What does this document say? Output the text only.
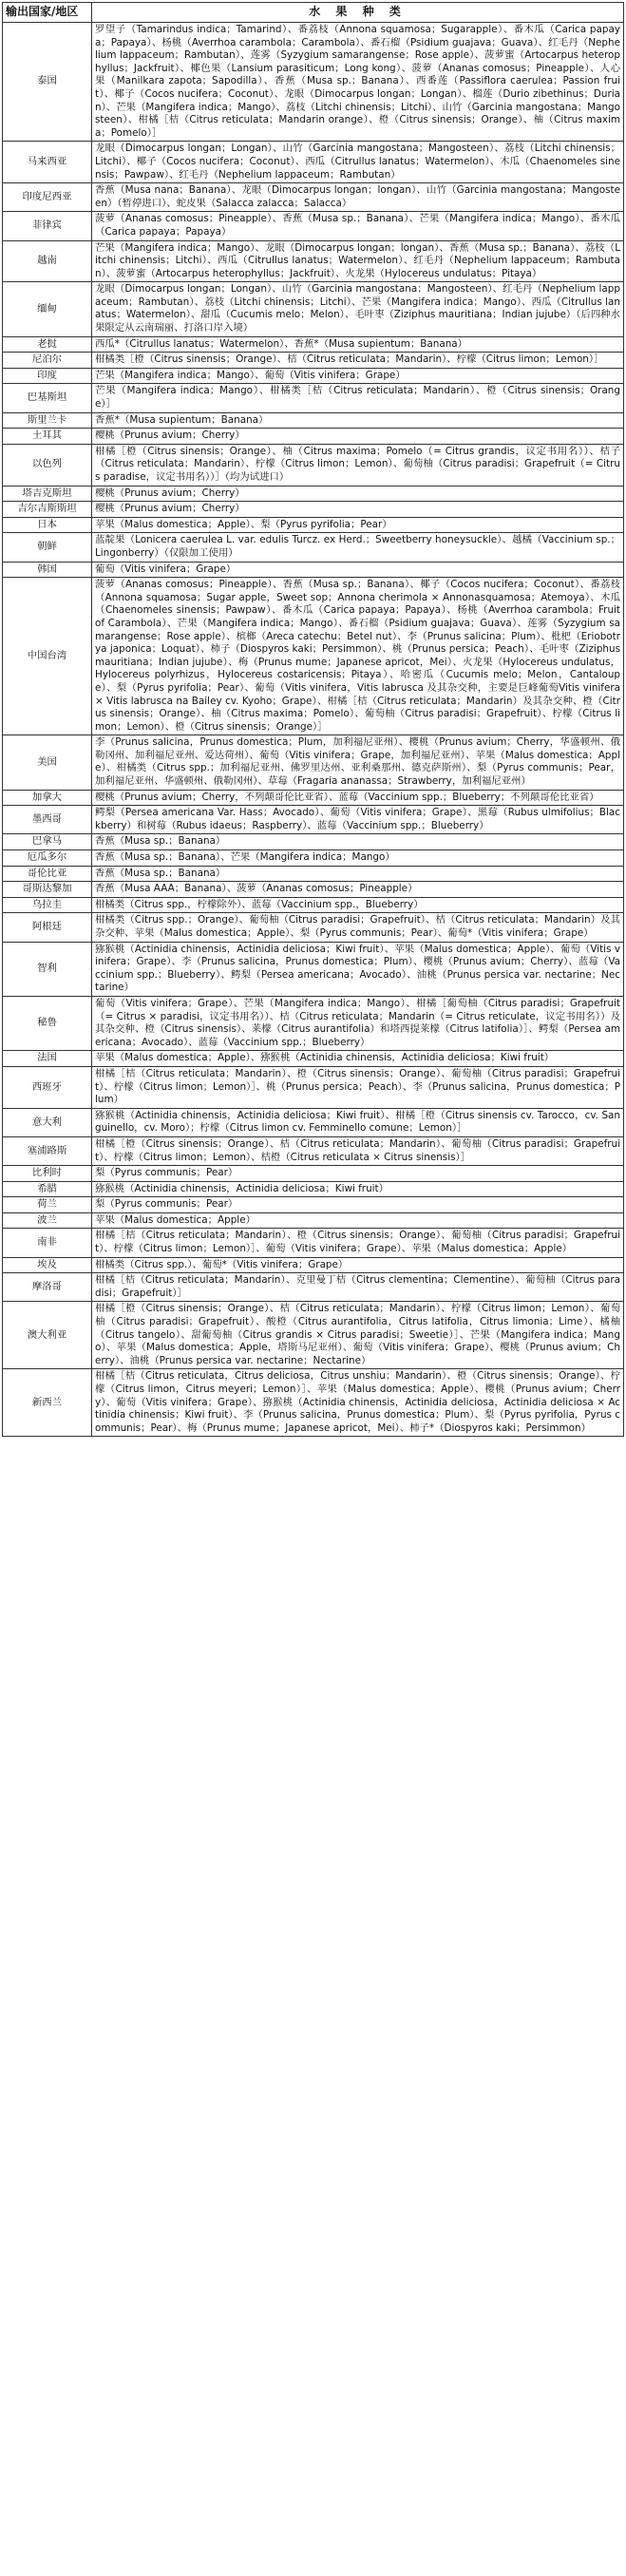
输出国家/地区	水 果 种 类
泰国	罗望子（Tamarindus indica；Tamarind）、番荔枝（Annona squamosa；Sugarapple）、番木瓜（Carica papaya；Papaya）、杨桃（Averrhoa carambola；Carambola）、番石榴（Psidium guajava；Guava）、红毛丹（Nephelium lappaceum；Rambutan）、莲雾（Syzygium samarangense；Rose apple）、菠萝蜜（Artocarpus heterophyllus；Jackfruit）、椰色果（Lansium parasiticum；Long kong）、菠萝（Ananas comosus；Pineapple）、人心果（Manilkara zapota；Sapodilla）、香蕉（Musa sp.；Banana）、西番莲（Passiflora caerulea；Passion fruit）、椰子（Cocos nucifera；Coconut）、龙眼（Dimocarpus longan；Longan）、榴莲（Durio zibethinus；Durian）、芒果（Mangifera indica；Mango）、荔枝（Litchi chinensis；Litchi）、山竹（Garcinia mangostana；Mangosteen）、柑橘［桔（Citrus reticulata；Mandarin orange）、橙（Citrus sinensis；Orange）、柚（Citrus maxima；Pomelo）］
马来西亚	龙眼（Dimocarpus longan；Longan）、山竹（Garcinia mangostana；Mangosteen）、荔枝（Litchi chinensis；Litchi）、椰子（Cocos nucifera；Coconut）、西瓜（Citrullus lanatus；Watermelon）、木瓜（Chaenomeles sinensis；Pawpaw）、红毛丹（Nephelium lappaceum；Rambutan）
印度尼西亚	香蕉（Musa nana；Banana）、龙眼（Dimocarpus longan；longan）、山竹（Garcinia mangostana；Mangosteen）（暂停进口）、蛇皮果（Salacca zalacca；Salacca）
菲律宾	菠萝（Ananas comosus；Pineapple）、香蕉（Musa sp.；Banana）、芒果（Mangifera indica；Mango）、番木瓜（Carica papaya；Papaya）
越南	芒果（Mangifera indica；Mango）、龙眼（Dimocarpus longan；longan）、香蕉（Musa sp.；Banana）、荔枝（Litchi chinensis；Litchi）、西瓜（Citrullus lanatus；Watermelon）、红毛丹（Nephelium lappaceum；Rambutan）、菠萝蜜（Artocarpus heterophyllus；Jackfruit）、火龙果（Hylocereus undulatus；Pitaya）
缅甸	龙眼（Dimocarpus longan；Longan）、山竹（Garcinia mangostana；Mangosteen）、红毛丹（Nephelium lappaceum；Rambutan）、荔枝（Litchi chinensis；Litchi）、芒果（Mangifera indica；Mango）、西瓜（Citrullus lanatus；Watermelon）、甜瓜（Cucumis melo；Melon）、毛叶枣（Ziziphus mauritiana；Indian jujube）（后四种水果限定从云南瑞丽、打洛口岸入境）
老挝	西瓜*（Citrullus lanatus；Watermelon）、香蕉*（Musa supientum；Banana）
尼泊尔	柑橘类［橙（Citrus sinensis；Orange）、桔（Citrus reticulata；Mandarin）、柠檬（Citrus limon；Lemon）］
印度	芒果（Mangifera indica；Mango）、葡萄（Vitis vinifera；Grape）
巴基斯坦	芒果（Mangifera indica；Mango）、柑橘类［桔（Citrus reticulata；Mandarin）、橙（Citrus sinensis；Orange）］
斯里兰卡	香蕉*（Musa supientum；Banana）
土耳其	樱桃（Prunus avium；Cherry）
以色列	柑橘［橙（Citrus sinensis；Orange）、柚（Citrus maxima；Pomelo（= Citrus grandis，议定书用名））、桔子（Citrus reticulata；Mandarin）、柠檬（Citrus limon；Lemon）、葡萄柚（Citrus paradisi；Grapefruit（= Citrus paradise，议定书用名））］（均为试进口）
塔吉克斯坦	樱桃（Prunus avium；Cherry）
吉尔吉斯斯坦	樱桃（Prunus avium；Cherry）
日本	苹果（Malus domestica；Apple）、梨（Pyrus pyrifolia；Pear）
朝鲜	蓝靛果（Lonicera caerulea L. var. edulis Turcz. ex Herd.；Sweetberry honeysuckle）、越橘（Vaccinium sp.；Lingonberry）（仅限加工使用）
韩国	葡萄（Vitis vinifera；Grape）
中国台湾	菠萝（Ananas comosus；Pineapple）、香蕉（Musa sp.；Banana）、椰子（Cocos nucifera；Coconut）、番荔枝（Annona squamosa；Sugar apple，Sweet sop；Annona cherimola × Annonasquamosa；Atemoya）、木瓜（Chaenomeles sinensis；Pawpaw）、番木瓜（Carica papaya；Papaya）、杨桃（Averrhoa carambola；Fruit of Carambola）、芒果（Mangifera indica；Mango）、番石榴（Psidium guajava；Guava）、莲雾（Syzygium samarangense；Rose apple）、槟榔（Areca catechu；Betel nut）、李（Prunus salicina；Plum）、枇杷（Eriobotrya japonica；Loquat）、柿子（Diospyros kaki；Persimmon）、桃（Prunus persica；Peach）、毛叶枣（Ziziphus mauritiana；Indian jujube）、梅（Prunus mume；Japanese apricot，Mei）、火龙果（Hylocereus undulatus，Hylocereus polyrhizus，Hylocereus costaricensis；Pitaya）、哈密瓜（Cucumis melo；Melon，Cantaloupe）、梨（Pyrus pyrifolia；Pear）、葡萄（Vitis vinifera，Vitis labrusca 及其杂交种，主要是巨峰葡萄Vitis vinifera × Vitis labrusca na Bailey cv. Kyoho；Grape）、柑橘［桔（Citrus reticulata；Mandarin）及其杂交种、橙（Citrus sinensis；Orange）、柚（Citrus maxima；Pomelo）、葡萄柚（Citrus paradisi；Grapefruit）、柠檬（Citrus limon；Lemon）、橙（Citrus sinensis；Orange）］
美国	李（Prunus salicina，Prunus domestica；Plum，加利福尼亚州）、樱桃（Prunus avium；Cherry，华盛顿州、俄勒冈州、加利福尼亚州、爱达荷州）、葡萄（Vitis vinifera；Grape，加利福尼亚州）、苹果（Malus domestica；Apple）、柑橘类（Citrus spp.；加利福尼亚州、佛罗里达州、亚利桑那州、德克萨斯州）、梨（Pyrus communis；Pear，加利福尼亚州、华盛顿州、俄勒冈州）、草莓（Fragaria ananassa；Strawberry，加利福尼亚州）
加拿大	樱桃（Prunus avium；Cherry，不列颠哥伦比亚省）、蓝莓（Vaccinium spp.；Blueberry；不列颠哥伦比亚省）
墨西哥	鳄梨（Persea americana Var. Hass；Avocado）、葡萄（Vitis vinifera；Grape）、黑莓（Rubus ulmifolius；Blackberry）和树莓（Rubus idaeus；Raspberry）、蓝莓（Vaccinium spp.；Blueberry）
巴拿马	香蕉（Musa sp.；Banana）
厄瓜多尔	香蕉（Musa sp.；Banana）、芒果（Mangifera indica；Mango）
哥伦比亚	香蕉（Musa sp.；Banana）
哥斯达黎加	香蕉（Musa AAA；Banana）、菠萝（Ananas comosus；Pineapple）
乌拉圭	柑橘类（Citrus spp.，柠檬除外）、蓝莓（Vaccinium spp.，Blueberry）
阿根廷	柑橘类（Citrus spp.；Orange）、葡萄柚（Citrus paradisi；Grapefruit）、桔（Citrus reticulata；Mandarin）及其杂交种、苹果（Malus domestica；Apple）、梨（Pyrus communis；Pear）、葡萄*（Vitis vinifera；Grape）
智利	猕猴桃（Actinidia chinensis，Actinidia deliciosa；Kiwi fruit）、苹果（Malus domestica；Apple）、葡萄（Vitis vinifera；Grape）、李（Prunus salicina，Prunus domestica；Plum）、樱桃（Prunus avium；Cherry）、蓝莓（Vaccinium spp.；Blueberry）、鳄梨（Persea americana；Avocado）、油桃（Prunus persica var. nectarine；Nectarine）
秘鲁	葡萄（Vitis vinifera；Grape）、芒果（Mangifera indica；Mango）、柑橘［葡萄柚（Citrus paradisi；Grapefruit（= Citrus × paradisi，议定书用名））、桔（Citrus reticulata；Mandarin（= Citrus reticulate，议定书用名））及其杂交种、橙（Citrus sinensis）、莱檬（Citrus aurantifolia）和塔西提莱檬（Citrus latifolia）］、鳄梨（Persea americana；Avocado）、蓝莓（Vaccinium spp.；Blueberry）
法国	苹果（Malus domestica；Apple）、猕猴桃（Actinidia chinensis，Actinidia deliciosa；Kiwi fruit）
西班牙	柑橘［桔（Citrus reticulata；Mandarin）、橙（Citrus sinensis；Orange）、葡萄柚（Citrus paradisi；Grapefruit）、柠檬（Citrus limon；Lemon）］、桃（Prunus persica；Peach）、李（Prunus salicina，Prunus domestica；Plum）
意大利	猕猴桃（Actinidia chinensis，Actinidia deliciosa；Kiwi fruit）、柑橘［橙（Citrus sinensis cv. Tarocco，cv. Sanguinello，cv. Moro）；柠檬（Citrus limon cv. Femminello comune；Lemon）］
塞浦路斯	柑橘［橙（Citrus sinensis；Orange）、桔（Citrus reticulata；Mandarin）、葡萄柚（Citrus paradisi；Grapefruit）、柠檬（Citrus limon；Lemon）、桔橙（Citrus reticulata × Citrus sinensis）］
比利时	梨（Pyrus communis；Pear）
希腊	猕猴桃（Actinidia chinensis，Actinidia deliciosa；Kiwi fruit）
荷兰	梨（Pyrus communis；Pear）
波兰	苹果（Malus domestica；Apple）
南非	柑橘［桔（Citrus reticulata；Mandarin）、橙（Citrus sinensis；Orange）、葡萄柚（Citrus paradisi；Grapefruit）、柠檬（Citrus limon；Lemon）］、葡萄（Vitis vinifera；Grape）、苹果（Malus domestica；Apple）
埃及	柑橘类（Citrus spp.）、葡萄*（Vitis vinifera；Grape）
摩洛哥	柑橘［桔（Citrus reticulata；Mandarin）、克里曼丁桔（Citrus clementina；Clementine）、葡萄柚（Citrus paradisi；Grapefruit）］
澳大利亚	柑橘［橙（Citrus sinensis；Orange）、桔（Citrus reticulata；Mandarin）、柠檬（Citrus limon；Lemon）、葡萄柚（Citrus paradisi；Grapefruit）、酸橙（Citrus aurantifolia，Citrus latifolia，Citrus limonia；Lime）、橘柚（Citrus tangelo）、甜葡萄柚（Citrus grandis × Citrus paradisi；Sweetie）］、芒果（Mangifera indica；Mango）、苹果（Malus domestica；Apple，塔斯马尼亚州）、葡萄（Vitis vinifera；Grape）、樱桃（Prunus avium；Cherry）、油桃（Prunus persica var. nectarine；Nectarine）
新西兰	柑橘［桔（Citrus reticulata，Citrus deliciosa，Citrus unshiu；Mandarin）、橙（Citrus sinensis；Orange）、柠檬（Citrus limon，Citrus meyeri；Lemon）］、苹果（Malus domestica；Apple）、樱桃（Prunus avium；Cherry）、葡萄（Vitis vinifera；Grape）、猕猴桃（Actinidia chinensis，Actinidia deliciosa，Actinidia deliciosa × Actinidia chinensis；Kiwi fruit）、李（Prunus salicina，Prunus domestica；Plum）、梨（Pyrus pyrifolia，Pyrus communis；Pear）、梅（Prunus mume；Japanese apricot，Mei）、柿子*（Diospyros kaki；Persimmon）
